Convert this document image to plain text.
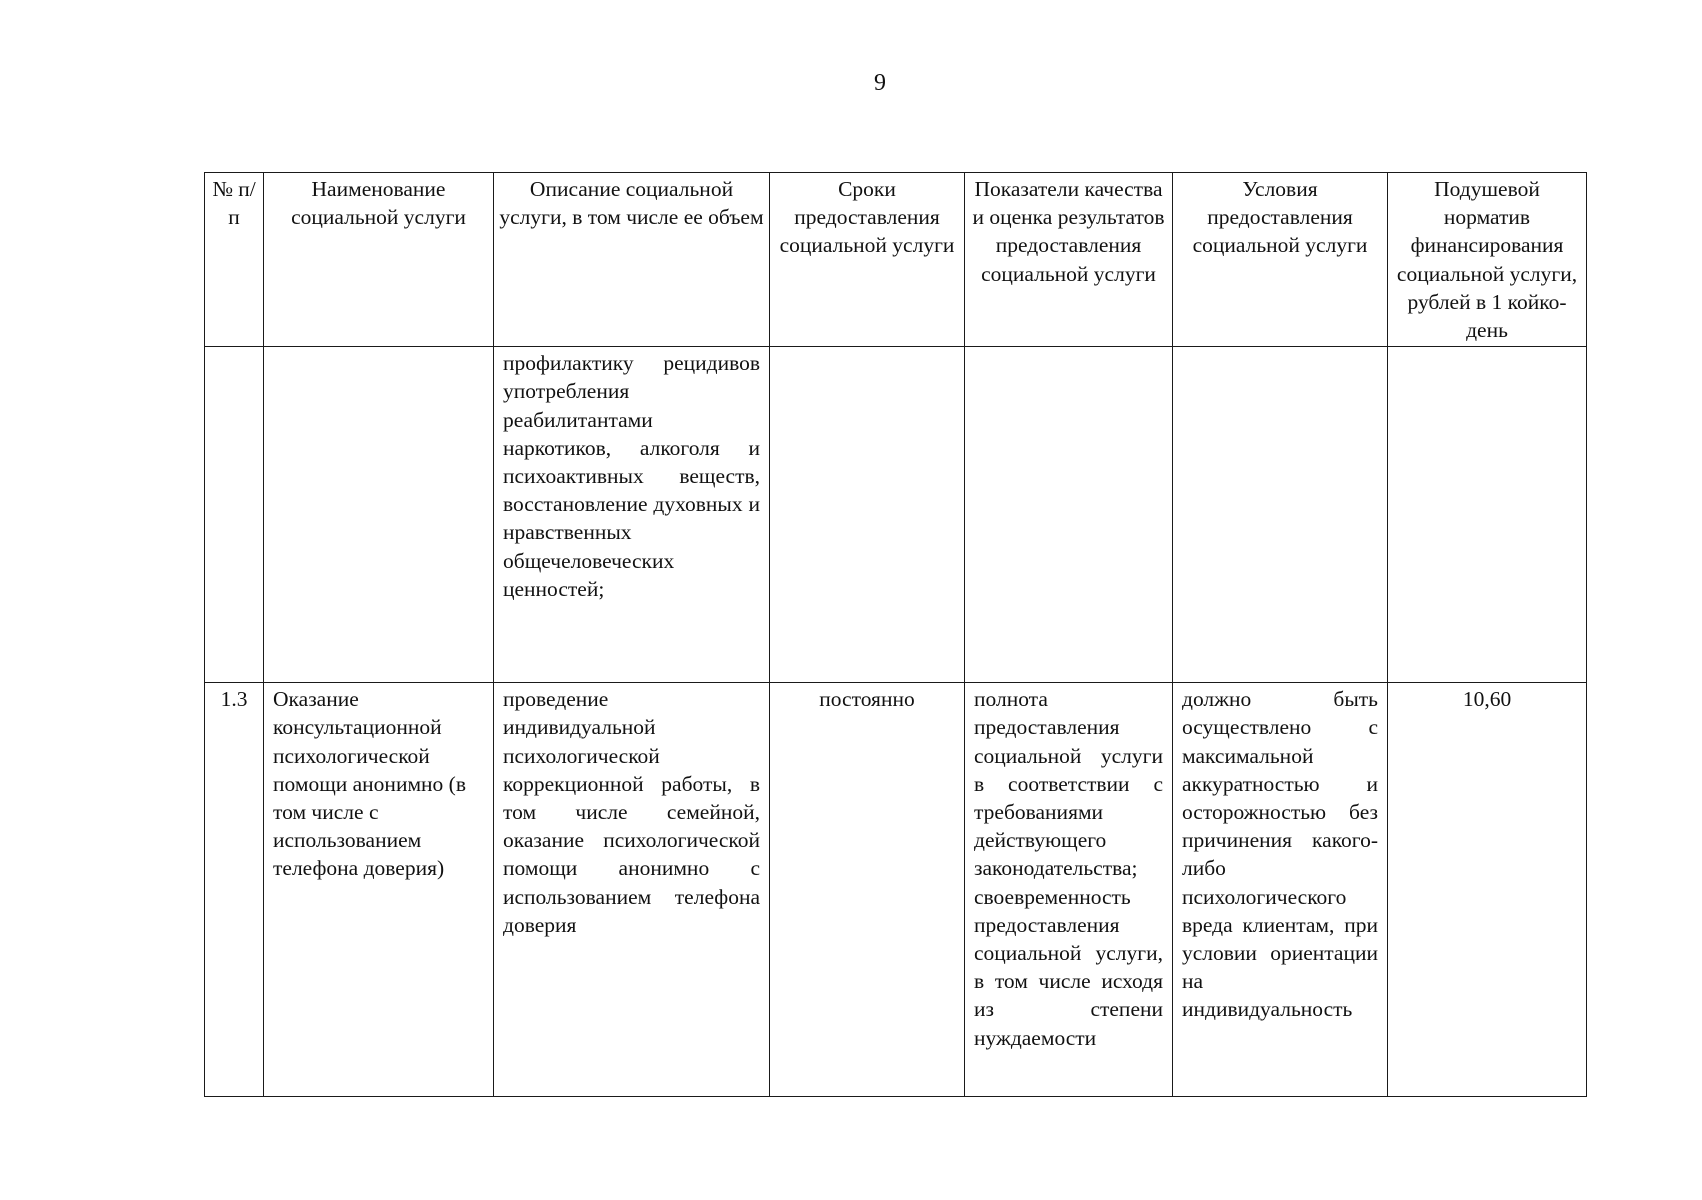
9
№ п/п	Наименование социальной услуги	Описание социальной услуги, в том числе ее объем	Сроки предоставления социальной услуги	Показатели качества и оценка результатов предоставления социальной услуги	Условия предоставления социальной услуги	Подушевой норматив финансирования социальной услуги, рублей в 1 койко-день
		профилактику рецидивов употребления реабилитантами наркотиков, алкоголя и психоактивных веществ, восстановление духовных и нравственных общечеловеческих ценностей;				
1.3	Оказание консультационной психологической помощи анонимно (в том числе с использованием телефона доверия)	проведение индивидуальной психологической коррекционной работы, в том числе семейной, оказание психологической помощи анонимно с использованием телефона доверия	постоянно	полнота предоставления социальной услуги в соответствии с требованиями действующего законодательства; своевременность предоставления социальной услуги, в том числе исходя из степени нуждаемости	должно быть осуществлено с максимальной аккуратностью и осторожностью без причинения какого-либо психологического вреда клиентам, при условии ориентации на индивидуальность	10,60
